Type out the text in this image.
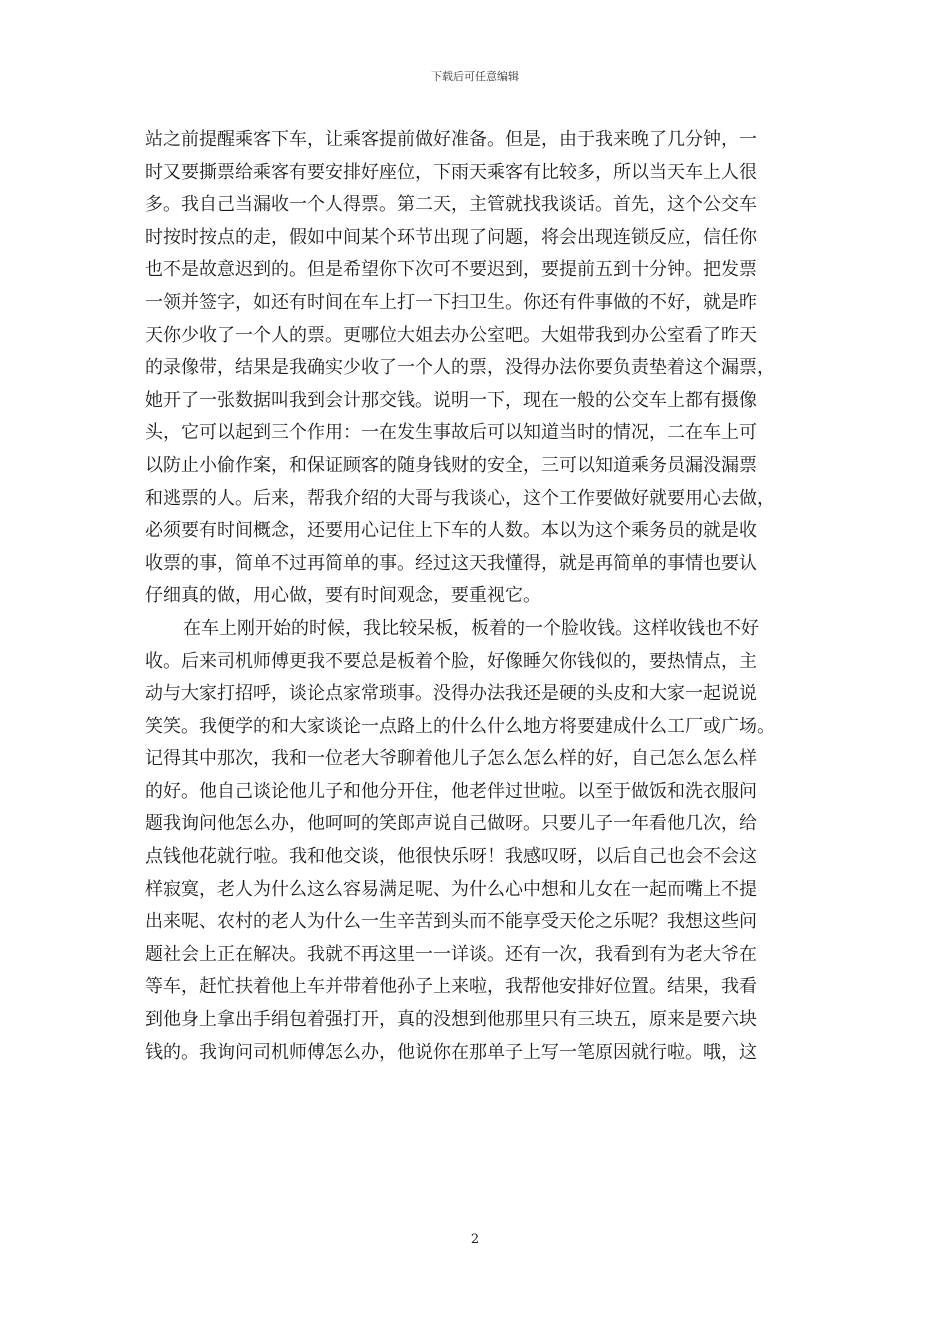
下载后可任意编辑
站之前提醒乘客下车，让乘客提前做好准备。但是，由于我来晚了几分钟，一
时又要撕票给乘客有要安排好座位，下雨天乘客有比较多，所以当天车上人很
多。我自己当漏收一个人得票。第二天，主管就找我谈话。首先，这个公交车
时按时按点的走，假如中间某个环节出现了问题，将会出现连锁反应，信任你
也不是故意迟到的。但是希望你下次可不要迟到，要提前五到十分钟。把发票
一领并签字，如还有时间在车上打一下扫卫生。你还有件事做的不好，就是昨
天你少收了一个人的票。更哪位大姐去办公室吧。大姐带我到办公室看了昨天
的录像带，结果是我确实少收了一个人的票，没得办法你要负责垫着这个漏票，
她开了一张数据叫我到会计那交钱。说明一下，现在一般的公交车上都有摄像
头，它可以起到三个作用：一在发生事故后可以知道当时的情况，二在车上可
以防止小偷作案，和保证顾客的随身钱财的安全，三可以知道乘务员漏没漏票
和逃票的人。后来，帮我介绍的大哥与我谈心，这个工作要做好就要用心去做，
必须要有时间概念，还要用心记住上下车的人数。本以为这个乘务员的就是收
收票的事，简单不过再简单的事。经过这天我懂得，就是再简单的事情也要认
仔细真的做，用心做，要有时间观念，要重视它。
在车上刚开始的时候，我比较呆板，板着的一个脸收钱。这样收钱也不好
收。后来司机师傅更我不要总是板着个脸，好像睡欠你钱似的，要热情点，主
动与大家打招呼，谈论点家常琐事。没得办法我还是硬的头皮和大家一起说说
笑笑。我便学的和大家谈论一点路上的什么什么地方将要建成什么工厂或广场。
记得其中那次，我和一位老大爷聊着他儿子怎么怎么样的好，自己怎么怎么样
的好。他自己谈论他儿子和他分开住，他老伴过世啦。以至于做饭和洗衣服问
题我询问他怎么办，他呵呵的笑郎声说自己做呀。只要儿子一年看他几次，给
点钱他花就行啦。我和他交谈，他很快乐呀！我感叹呀，以后自己也会不会这
样寂寞，老人为什么这么容易满足呢、为什么心中想和儿女在一起而嘴上不提
出来呢、农村的老人为什么一生辛苦到头而不能享受天伦之乐呢？我想这些问
题社会上正在解决。我就不再这里一一详谈。还有一次，我看到有为老大爷在
等车，赶忙扶着他上车并带着他孙子上来啦，我帮他安排好位置。结果，我看
到他身上拿出手绢包着强打开，真的没想到他那里只有三块五，原来是要六块
钱的。我询问司机师傅怎么办，他说你在那单子上写一笔原因就行啦。哦，这
2
